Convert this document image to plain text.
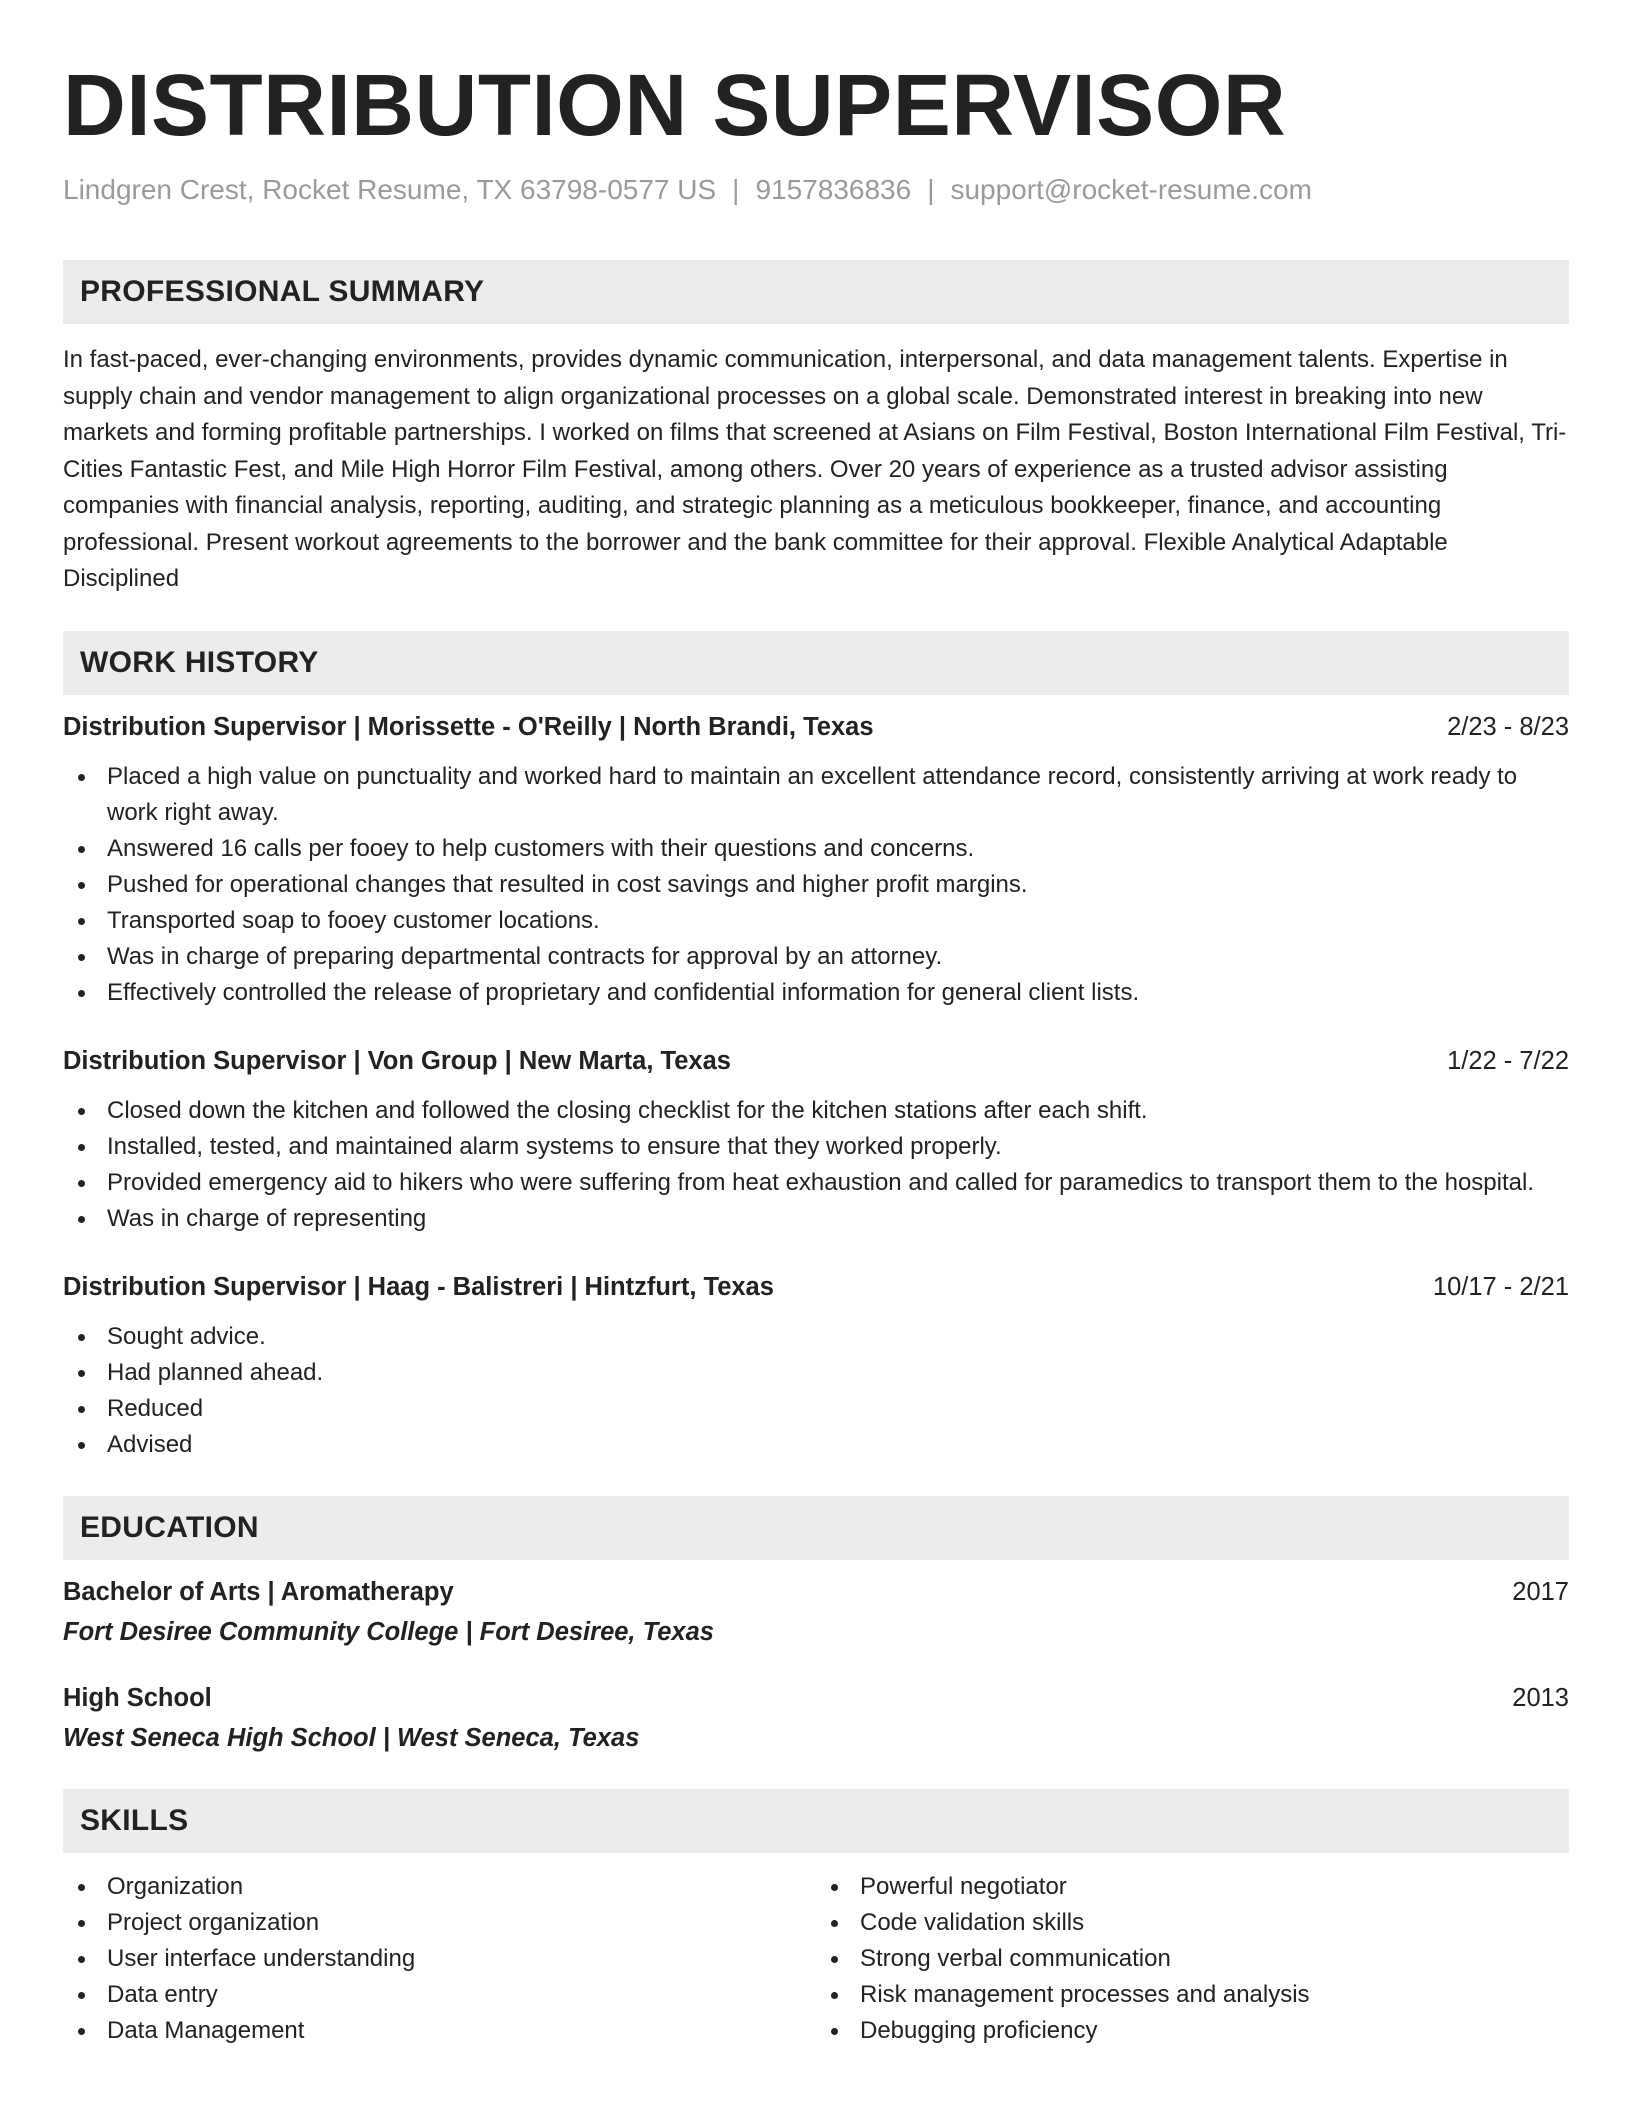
DISTRIBUTION SUPERVISOR
Lindgren Crest, Rocket Resume, TX 63798-0577 US | 9157836836 | support@rocket-resume.com
PROFESSIONAL SUMMARY
In fast-paced, ever-changing environments, provides dynamic communication, interpersonal, and data management talents. Expertise in supply chain and vendor management to align organizational processes on a global scale. Demonstrated interest in breaking into new markets and forming profitable partnerships. I worked on films that screened at Asians on Film Festival, Boston International Film Festival, Tri-Cities Fantastic Fest, and Mile High Horror Film Festival, among others. Over 20 years of experience as a trusted advisor assisting companies with financial analysis, reporting, auditing, and strategic planning as a meticulous bookkeeper, finance, and accounting professional. Present workout agreements to the borrower and the bank committee for their approval. Flexible Analytical Adaptable Disciplined
WORK HISTORY
Distribution Supervisor | Morissette - O'Reilly | North Brandi, Texas	2/23 - 8/23
Placed a high value on punctuality and worked hard to maintain an excellent attendance record, consistently arriving at work ready to work right away.
Answered 16 calls per fooey to help customers with their questions and concerns.
Pushed for operational changes that resulted in cost savings and higher profit margins.
Transported soap to fooey customer locations.
Was in charge of preparing departmental contracts for approval by an attorney.
Effectively controlled the release of proprietary and confidential information for general client lists.
Distribution Supervisor | Von Group | New Marta, Texas	1/22 - 7/22
Closed down the kitchen and followed the closing checklist for the kitchen stations after each shift.
Installed, tested, and maintained alarm systems to ensure that they worked properly.
Provided emergency aid to hikers who were suffering from heat exhaustion and called for paramedics to transport them to the hospital.
Was in charge of representing
Distribution Supervisor | Haag - Balistreri | Hintzfurt, Texas	10/17 - 2/21
Sought advice.
Had planned ahead.
Reduced
Advised
EDUCATION
Bachelor of Arts | Aromatherapy	2017
Fort Desiree Community College | Fort Desiree, Texas
High School	2013
West Seneca High School | West Seneca, Texas
SKILLS
Organization
Project organization
User interface understanding
Data entry
Data Management
Powerful negotiator
Code validation skills
Strong verbal communication
Risk management processes and analysis
Debugging proficiency
